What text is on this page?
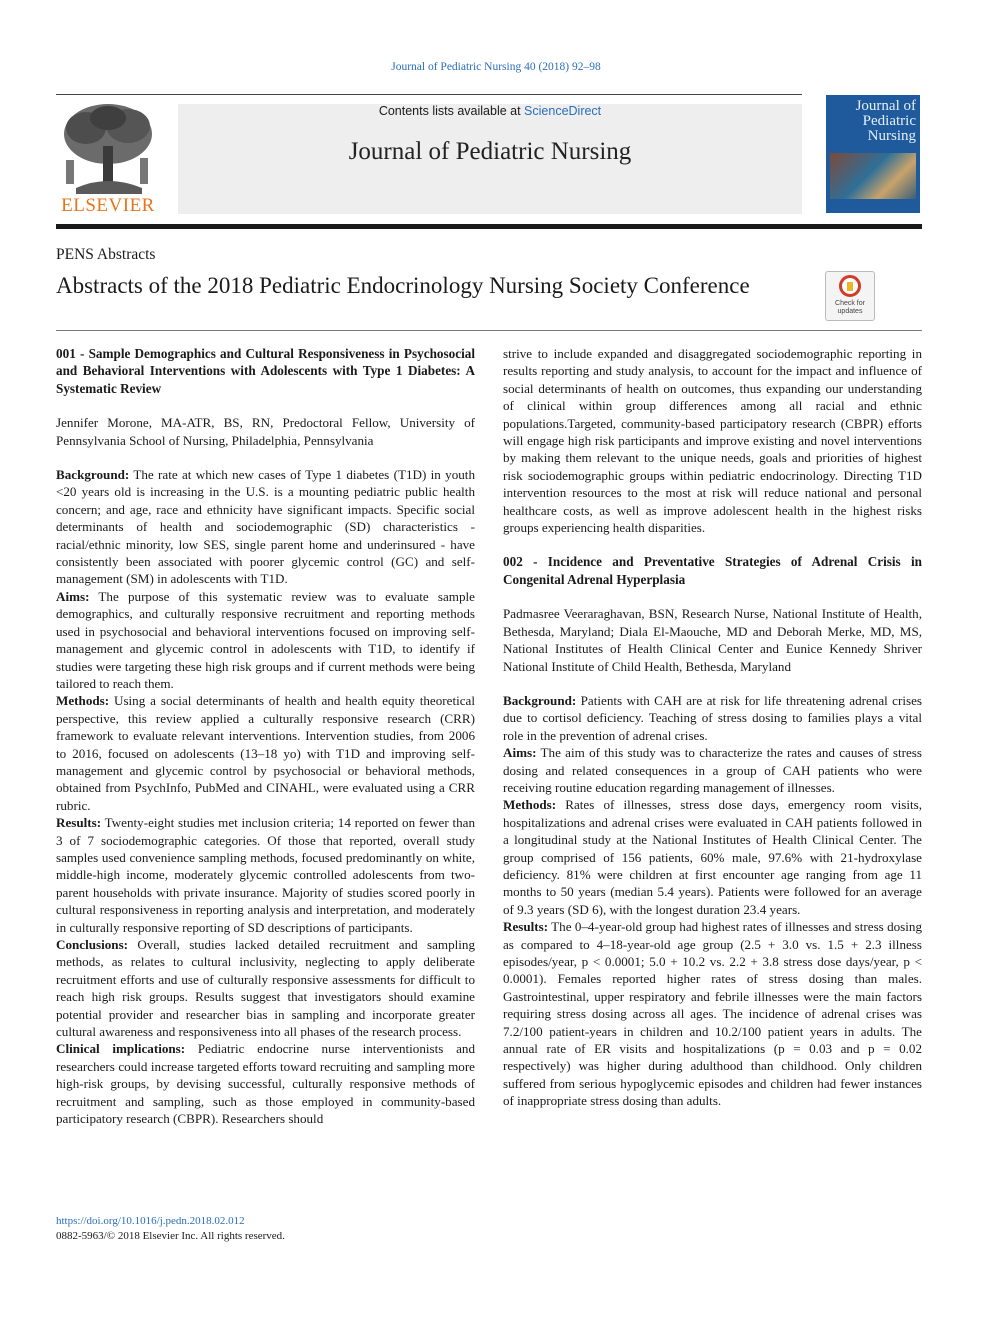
Journal of Pediatric Nursing 40 (2018) 92–98
ELSEVIER
Contents lists available at ScienceDirect
Journal of Pediatric Nursing
Journal of Pediatric Nursing
PENS Abstracts
Abstracts of the 2018 Pediatric Endocrinology Nursing Society Conference
Check for updates

001 - Sample Demographics and Cultural Responsiveness in Psychosocial and Behavioral Interventions with Adolescents with Type 1 Diabetes: A Systematic Review

Jennifer Morone, MA-ATR, BS, RN, Predoctoral Fellow, University of Pennsylvania School of Nursing, Philadelphia, Pennsylvania

Background: The rate at which new cases of Type 1 diabetes (T1D) in youth <20 years old is increasing in the U.S. is a mounting pediatric public health concern; and age, race and ethnicity have significant impacts. Specific social determinants of health and sociodemographic (SD) characteristics - racial/ethnic minority, low SES, single parent home and underinsured - have consistently been associated with poorer glycemic control (GC) and self-management (SM) in adolescents with T1D.

Aims: The purpose of this systematic review was to evaluate sample demographics, and culturally responsive recruitment and reporting methods used in psychosocial and behavioral interventions focused on improving self-management and glycemic control in adolescents with T1D, to identify if studies were targeting these high risk groups and if current methods were being tailored to reach them.

Methods: Using a social determinants of health and health equity theoretical perspective, this review applied a culturally responsive research (CRR) framework to evaluate relevant interventions. Intervention studies, from 2006 to 2016, focused on adolescents (13–18 yo) with T1D and improving self-management and glycemic control by psychosocial or behavioral methods, obtained from PsychInfo, PubMed and CINAHL, were evaluated using a CRR rubric.

Results: Twenty-eight studies met inclusion criteria; 14 reported on fewer than 3 of 7 sociodemographic categories. Of those that reported, overall study samples used convenience sampling methods, focused predominantly on white, middle-high income, moderately glycemic controlled adolescents from two-parent households with private insurance. Majority of studies scored poorly in cultural responsiveness in reporting analysis and interpretation, and moderately in culturally responsive reporting of SD descriptions of participants.

Conclusions: Overall, studies lacked detailed recruitment and sampling methods, as relates to cultural inclusivity, neglecting to apply deliberate recruitment efforts and use of culturally responsive assessments for difficult to reach high risk groups. Results suggest that investigators should examine potential provider and researcher bias in sampling and incorporate greater cultural awareness and responsiveness into all phases of the research process.

Clinical implications: Pediatric endocrine nurse interventionists and researchers could increase targeted efforts toward recruiting and sampling more high-risk groups, by devising successful, culturally responsive methods of recruitment and sampling, such as those employed in community-based participatory research (CBPR). Researchers should

strive to include expanded and disaggregated sociodemographic reporting in results reporting and study analysis, to account for the impact and influence of social determinants of health on outcomes, thus expanding our understanding of clinical within group differences among all racial and ethnic populations.Targeted, community-based participatory research (CBPR) efforts will engage high risk participants and improve existing and novel interventions by making them relevant to the unique needs, goals and priorities of highest risk sociodemographic groups within pediatric endocrinology. Directing T1D intervention resources to the most at risk will reduce national and personal healthcare costs, as well as improve adolescent health in the highest risks groups experiencing health disparities.

002 - Incidence and Preventative Strategies of Adrenal Crisis in Congenital Adrenal Hyperplasia

Padmasree Veeraraghavan, BSN, Research Nurse, National Institute of Health, Bethesda, Maryland; Diala El-Maouche, MD and Deborah Merke, MD, MS, National Institutes of Health Clinical Center and Eunice Kennedy Shriver National Institute of Child Health, Bethesda, Maryland

Background: Patients with CAH are at risk for life threatening adrenal crises due to cortisol deficiency. Teaching of stress dosing to families plays a vital role in the prevention of adrenal crises.

Aims: The aim of this study was to characterize the rates and causes of stress dosing and related consequences in a group of CAH patients who were receiving routine education regarding management of illnesses.

Methods: Rates of illnesses, stress dose days, emergency room visits, hospitalizations and adrenal crises were evaluated in CAH patients followed in a longitudinal study at the National Institutes of Health Clinical Center. The group comprised of 156 patients, 60% male, 97.6% with 21-hydroxylase deficiency. 81% were children at first encounter age ranging from age 11 months to 50 years (median 5.4 years). Patients were followed for an average of 9.3 years (SD 6), with the longest duration 23.4 years.

Results: The 0–4-year-old group had highest rates of illnesses and stress dosing as compared to 4–18-year-old age group (2.5 + 3.0 vs. 1.5 + 2.3 illness episodes/year, p < 0.0001; 5.0 + 10.2 vs. 2.2 + 3.8 stress dose days/year, p < 0.0001). Females reported higher rates of stress dosing than males. Gastrointestinal, upper respiratory and febrile illnesses were the main factors requiring stress dosing across all ages. The incidence of adrenal crises was 7.2/100 patient-years in children and 10.2/100 patient years in adults. The annual rate of ER visits and hospitalizations (p = 0.03 and p = 0.02 respectively) was higher during adulthood than childhood. Only children suffered from serious hypoglycemic episodes and children had fewer instances of inappropriate stress dosing than adults.

https://doi.org/10.1016/j.pedn.2018.02.012
0882-5963/© 2018 Elsevier Inc. All rights reserved.
